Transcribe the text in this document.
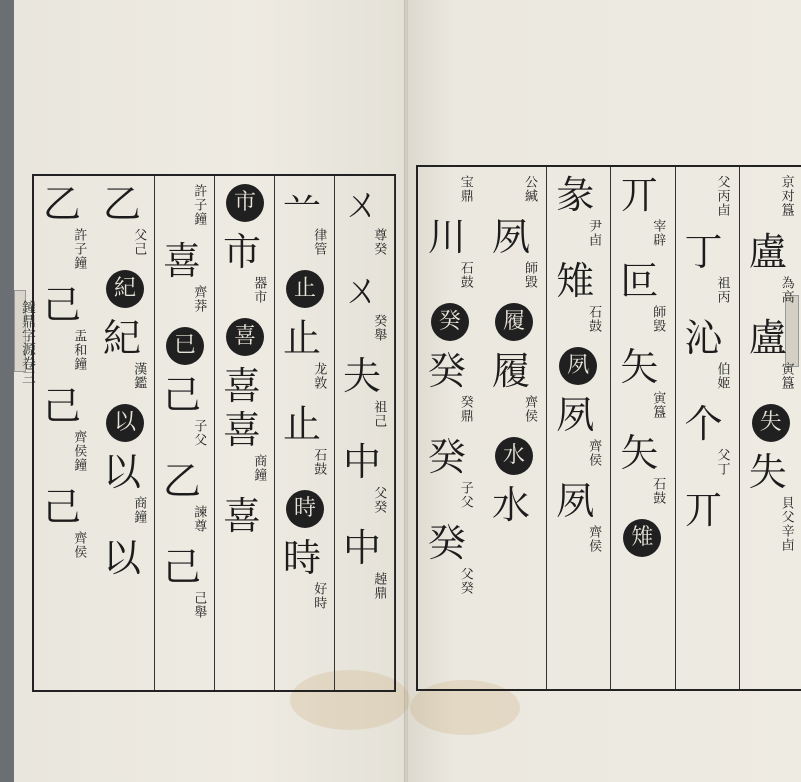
鐘鼎字源卷三
ㄨ
尊癸
ㄨ
癸舉
夫
祖己
中
父癸
中
趠鼎
䒑
律管
止
止
龙敦
止
石鼓
時
時
好時
市
市
器市
喜
喜
喜
商鐘
喜
許子鐘
喜
齊莽
已
己
子父
乙
諫尊
己
己舉
乙
父己
紀
紀
漢鑑
以
以
商鐘
以
乙
許子鐘
己
盂和鐘
己
齊侯鐘
己
齊侯
京对簋
盧
為高
盧
寅簋
失
失
貝父辛卣
父丙卣
丁
祖丙
沁
伯姬
个
父丁
丌
丌
宰辟
叵
師毀
矢
寅簋
矢
石鼓
雉
彖
尹卣
雉
石鼓
夙
夙
齊侯
夙
齊侯
公緘
夙
師毀
履
履
齊侯
水
水
宝鼎
川
石鼓
癸
癸
癸鼎
癸
子父
癸
父癸
